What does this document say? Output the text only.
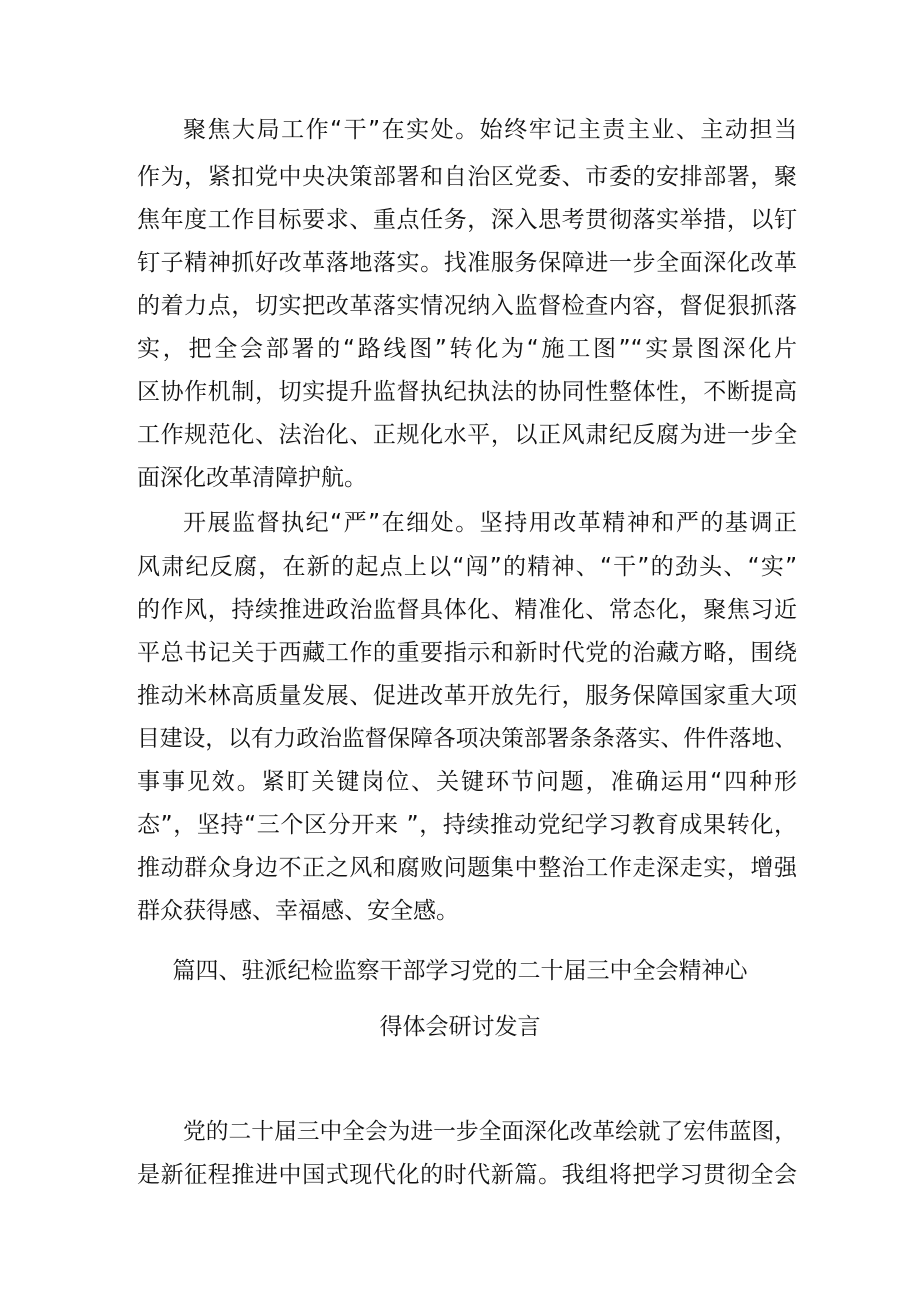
聚焦大局工作“干”在实处。始终牢记主责主业、主动担当
作为，紧扣党中央决策部署和自治区党委、市委的安排部署，聚
焦年度工作目标要求、重点任务，深入思考贯彻落实举措，以钉
钉子精神抓好改革落地落实。找准服务保障进一步全面深化改革
的着力点，切实把改革落实情况纳入监督检查内容，督促狠抓落
实，把全会部署的“路线图”转化为“施工图”“实景图深化片
区协作机制，切实提升监督执纪执法的协同性整体性，不断提高
工作规范化、法治化、正规化水平，以正风肃纪反腐为进一步全
面深化改革清障护航。
开展监督执纪“严”在细处。坚持用改革精神和严的基调正
风肃纪反腐，在新的起点上以“闯”的精神、“干”的劲头、“实”
的作风，持续推进政治监督具体化、精准化、常态化，聚焦习近
平总书记关于西藏工作的重要指示和新时代党的治藏方略，围绕
推动米林高质量发展、促进改革开放先行，服务保障国家重大项
目建设，以有力政治监督保障各项决策部署条条落实、件件落地、
事事见效。紧盯关键岗位、关键环节问题，准确运用“四种形
态”，坚持“三个区分开来 ”，持续推动党纪学习教育成果转化，
推动群众身边不正之风和腐败问题集中整治工作走深走实，增强
群众获得感、幸福感、安全感。
篇四、驻派纪检监察干部学习党的二十届三中全会精神心
得体会研讨发言
党的二十届三中全会为进一步全面深化改革绘就了宏伟蓝图，
是新征程推进中国式现代化的时代新篇。我组将把学习贯彻全会
